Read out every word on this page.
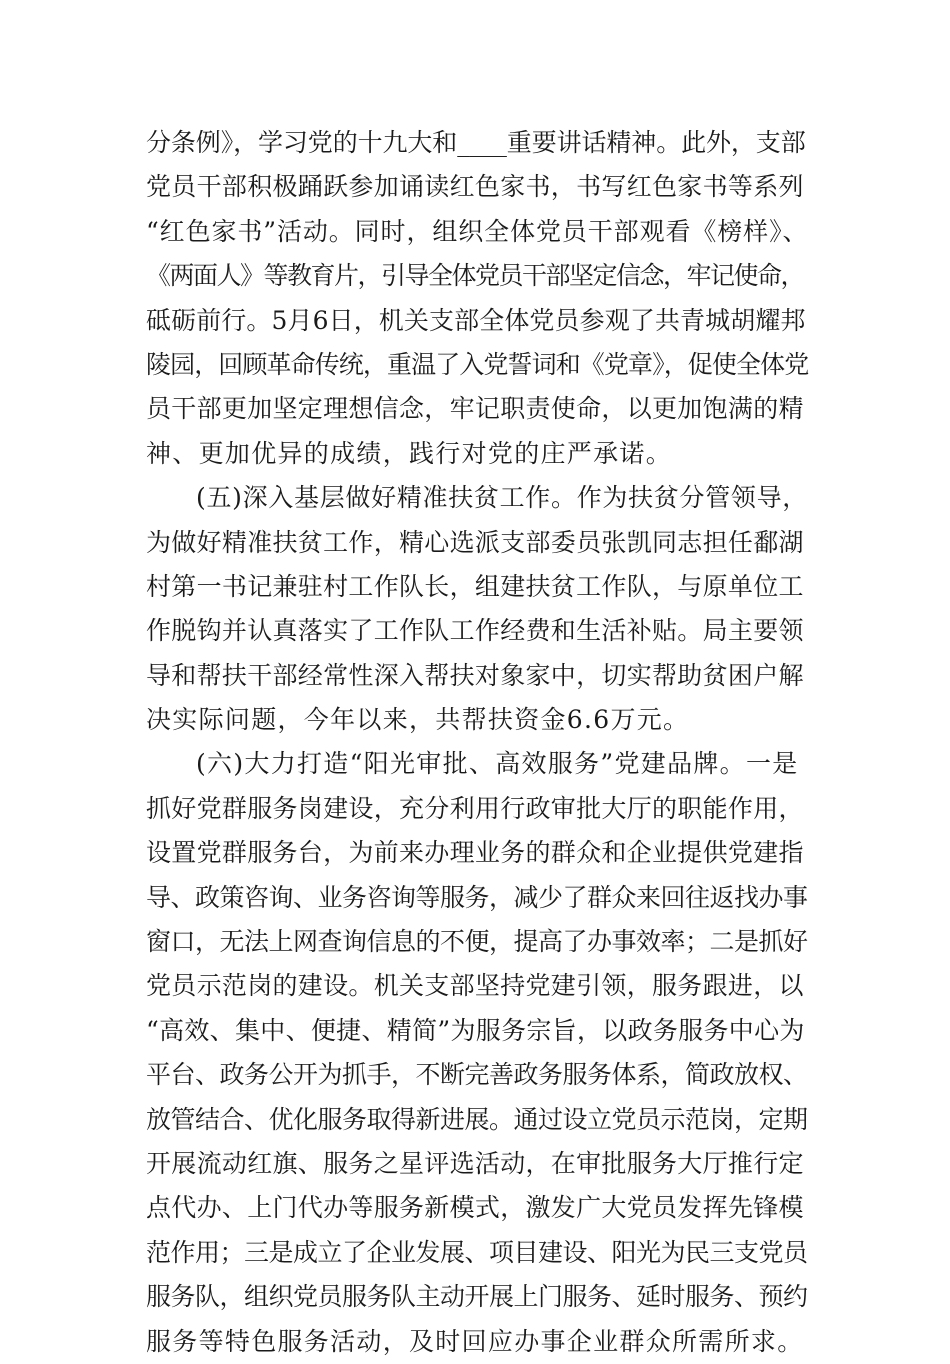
分条例》，学习党的十九大和____重要讲话精神。此外，支部
党员干部积极踊跃参加诵读红色家书，书写红色家书等系列
“红色家书”活动。同时，组织全体党员干部观看《榜样》、
《两面人》等教育片，引导全体党员干部坚定信念，牢记使命，
砥砺前行。5月6日，机关支部全体党员参观了共青城胡耀邦
陵园，回顾革命传统，重温了入党誓词和《党章》，促使全体党
员干部更加坚定理想信念，牢记职责使命，以更加饱满的精
神、更加优异的成绩，践行对党的庄严承诺。
(五)深入基层做好精准扶贫工作。作为扶贫分管领导，
为做好精准扶贫工作，精心选派支部委员张凯同志担任鄱湖
村第一书记兼驻村工作队长，组建扶贫工作队，与原单位工
作脱钩并认真落实了工作队工作经费和生活补贴。局主要领
导和帮扶干部经常性深入帮扶对象家中，切实帮助贫困户解
决实际问题，今年以来，共帮扶资金6.6万元。
(六)大力打造“阳光审批、高效服务”党建品牌。一是
抓好党群服务岗建设，充分利用行政审批大厅的职能作用，
设置党群服务台，为前来办理业务的群众和企业提供党建指
导、政策咨询、业务咨询等服务，减少了群众来回往返找办事
窗口，无法上网查询信息的不便，提高了办事效率；二是抓好
党员示范岗的建设。机关支部坚持党建引领，服务跟进，以
“高效、集中、便捷、精简”为服务宗旨，以政务服务中心为
平台、政务公开为抓手，不断完善政务服务体系，简政放权、
放管结合、优化服务取得新进展。通过设立党员示范岗，定期
开展流动红旗、服务之星评选活动，在审批服务大厅推行定
点代办、上门代办等服务新模式，激发广大党员发挥先锋模
范作用；三是成立了企业发展、项目建设、阳光为民三支党员
服务队，组织党员服务队主动开展上门服务、延时服务、预约
服务等特色服务活动，及时回应办事企业群众所需所求。
